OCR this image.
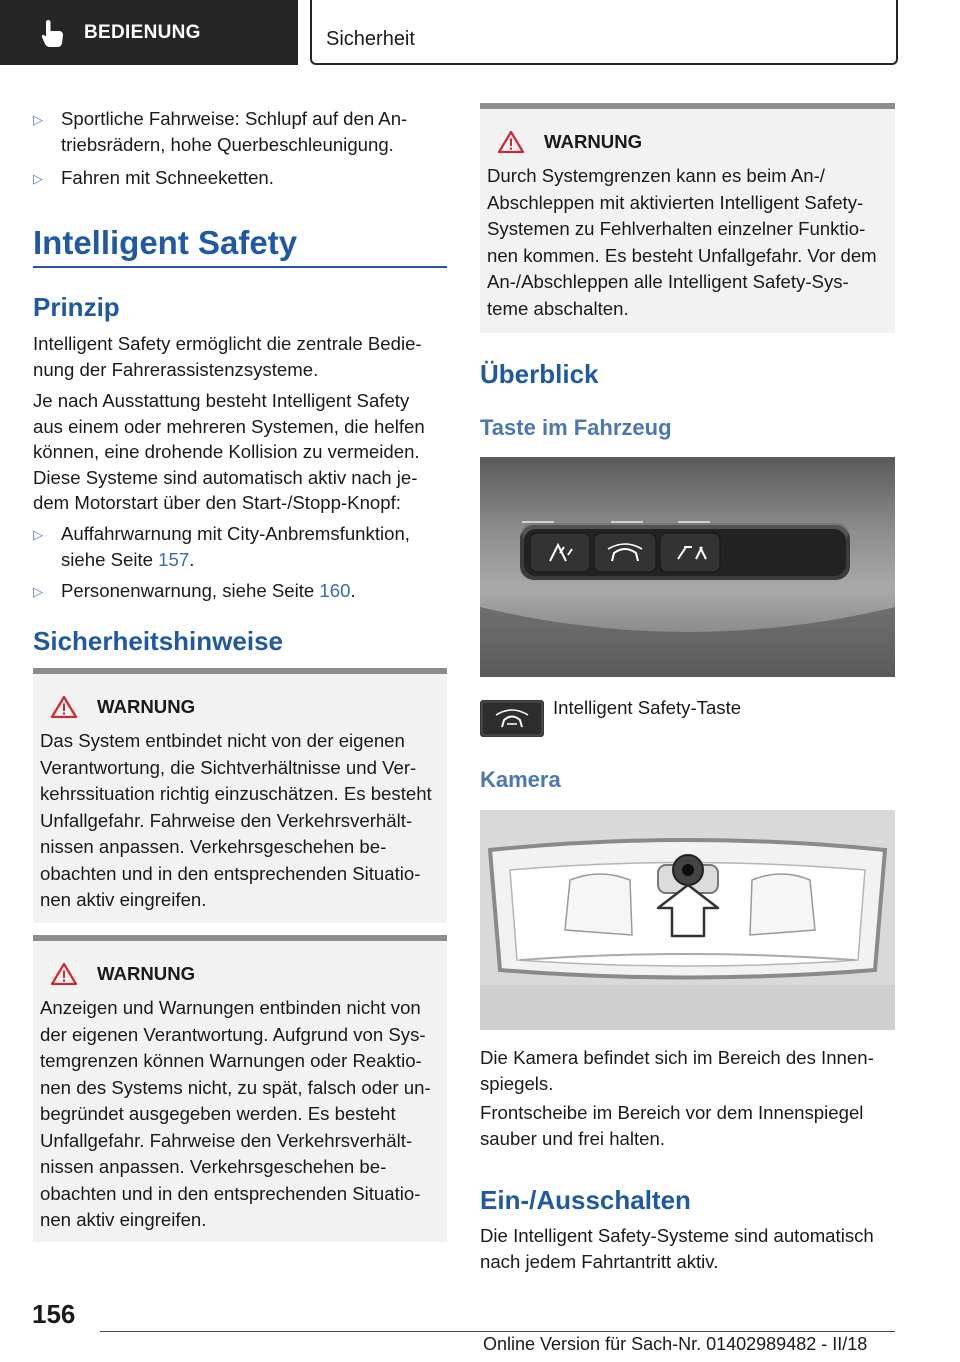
BEDIENUNG	Sicherheit
▷ Sportliche Fahrweise: Schlupf auf den An-
triebsrädern, hohe Querbeschleunigung.
▷ Fahren mit Schneeketten.
Intelligent Safety
Prinzip
Intelligent Safety ermöglicht die zentrale Bedie-
nung der Fahrerassistenzsysteme.
Je nach Ausstattung besteht Intelligent Safety
aus einem oder mehreren Systemen, die helfen
können, eine drohende Kollision zu vermeiden.
Diese Systeme sind automatisch aktiv nach je-
dem Motorstart über den Start-/Stopp-Knopf:
▷ Auffahrwarnung mit City-Anbremsfunktion,
siehe Seite 157.
▷ Personenwarnung, siehe Seite 160.
Sicherheitshinweise
WARNUNG
Das System entbindet nicht von der eigenen
Verantwortung, die Sichtverhältnisse und Ver-
kehrssituation richtig einzuschätzen. Es besteht
Unfallgefahr. Fahrweise den Verkehrsverhält-
nissen anpassen. Verkehrsgeschehen be-
obachten und in den entsprechenden Situatio-
nen aktiv eingreifen.
WARNUNG
Anzeigen und Warnungen entbinden nicht von
der eigenen Verantwortung. Aufgrund von Sys-
temgrenzen können Warnungen oder Reaktio-
nen des Systems nicht, zu spät, falsch oder un-
begründet ausgegeben werden. Es besteht
Unfallgefahr. Fahrweise den Verkehrsverhält-
nissen anpassen. Verkehrsgeschehen be-
obachten und in den entsprechenden Situatio-
nen aktiv eingreifen.
WARNUNG
Durch Systemgrenzen kann es beim An-/
Abschleppen mit aktivierten Intelligent Safety-
Systemen zu Fehlverhalten einzelner Funktio-
nen kommen. Es besteht Unfallgefahr. Vor dem
An-/Abschleppen alle Intelligent Safety-Sys-
teme abschalten.
Überblick
Taste im Fahrzeug
Intelligent Safety-Taste
Kamera
Die Kamera befindet sich im Bereich des Innen-
spiegels.
Frontscheibe im Bereich vor dem Innenspiegel
sauber und frei halten.
Ein-/Ausschalten
Die Intelligent Safety-Systeme sind automatisch
nach jedem Fahrtantritt aktiv.
156
Online Version für Sach-Nr. 01402989482 - II/18
